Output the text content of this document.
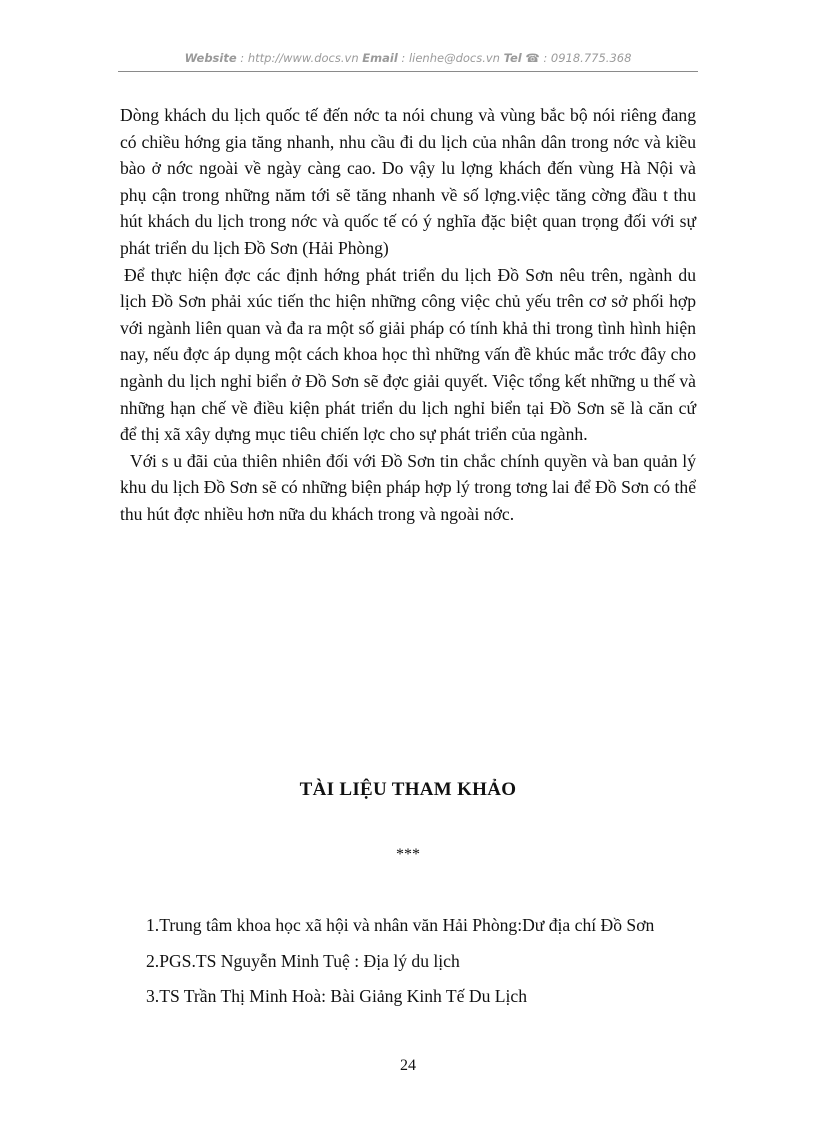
Website : http://www.docs.vn Email : lienhe@docs.vn Tel ☎ : 0918.775.368

Dòng khách du lịch quốc tế đến nớc ta nói chung và vùng bắc bộ nói riêng đang có chiều hớng gia tăng nhanh, nhu cầu đi du lịch của nhân dân trong nớc và kiều bào ở nớc ngoài về ngày càng cao. Do vậy lu lợng khách đến vùng Hà Nội và phụ cận trong những năm tới sẽ tăng nhanh về số lợng.việc tăng cờng đầu t thu hút khách du lịch trong nớc và quốc tế có ý nghĩa đặc biệt quan trọng đối với sự phát triển du lịch Đồ Sơn (Hải Phòng)

Để thực hiện đợc các định hớng phát triển du lịch Đồ Sơn nêu trên, ngành du lịch Đồ Sơn phải xúc tiến thc hiện những công việc chủ yếu trên cơ sở phối hợp với ngành liên quan và đa ra một số giải pháp có tính khả thi trong tình hình hiện nay, nếu đợc áp dụng một cách khoa học thì những vấn đề khúc mắc trớc đây cho ngành du lịch nghỉ biển ở Đồ Sơn sẽ đợc giải quyết. Việc tổng kết những u thế và những hạn chế về điều kiện phát triển du lịch nghỉ biển tại Đồ Sơn sẽ là căn cứ để thị xã xây dựng mục tiêu chiến lợc cho sự phát triển của ngành.

Với s u đãi của thiên nhiên đối với Đồ Sơn tin chắc chính quyền và ban quản lý khu du lịch Đồ Sơn sẽ có những biện pháp hợp lý trong tơng lai để Đồ Sơn có thể thu hút đợc nhiều hơn nữa du khách trong và ngoài nớc.

TÀI LIỆU THAM KHẢO
***
1.Trung tâm khoa học xã hội và nhân văn Hải Phòng:Dư địa chí Đồ Sơn
2.PGS.TS Nguyễn Minh Tuệ : Địa lý du lịch
3.TS Trần Thị Minh Hoà: Bài Giảng Kinh Tế Du Lịch
24
